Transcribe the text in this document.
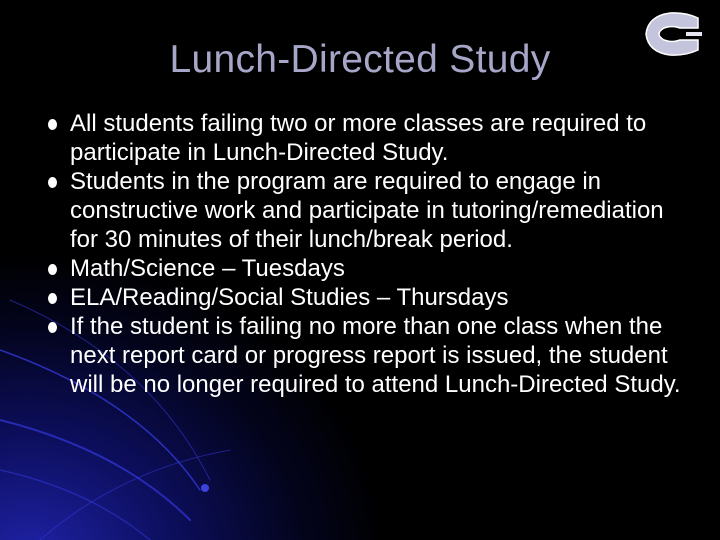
Lunch-Directed Study
All students failing two or more classes are required to participate in Lunch-Directed Study.
Students in the program are required to engage in constructive work and participate in tutoring/remediation for 30 minutes of their lunch/break period.
Math/Science – Tuesdays
ELA/Reading/Social Studies – Thursdays
If the student is failing no more than one class when the next report card or progress report is issued, the student will be no longer required to attend Lunch-Directed Study.
